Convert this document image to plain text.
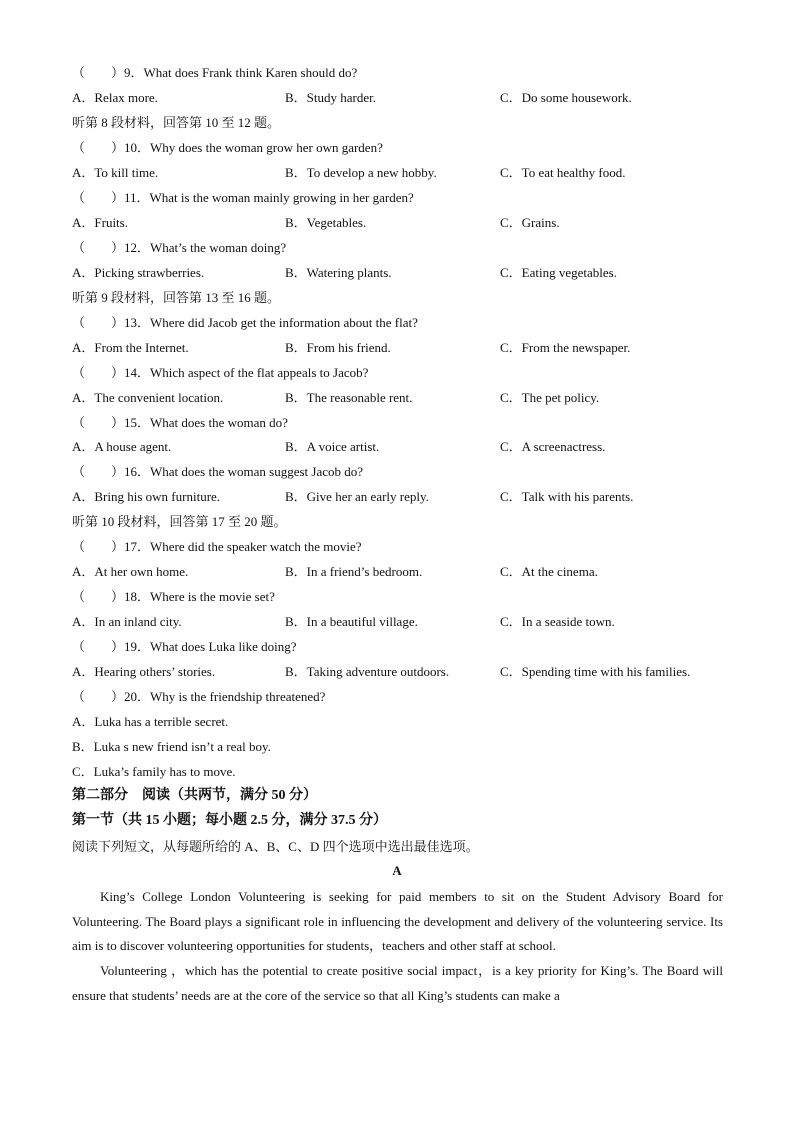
（　　）9．What does Frank think Karen should do?
A．Relax more.	B．Study harder.	C．Do some housework.
听第 8 段材料，回答第 10 至 12 题。
（　　）10．Why does the woman grow her own garden?
A．To kill time.	B．To develop a new hobby.	C．To eat healthy food.
（　　）11．What is the woman mainly growing in her garden?
A．Fruits.	B．Vegetables.	C．Grains.
（　　）12．What’s the woman doing?
A．Picking strawberries.	B．Watering plants.	C．Eating vegetables.
听第 9 段材料，回答第 13 至 16 题。
（　　）13．Where did Jacob get the information about the flat?
A．From the Internet.	B．From his friend.	C．From the newspaper.
（　　）14．Which aspect of the flat appeals to Jacob?
A．The convenient location.	B．The reasonable rent.	C．The pet policy.
（　　）15．What does the woman do?
A．A house agent.	B．A voice artist.	C．A screenactress.
（　　）16．What does the woman suggest Jacob do?
A．Bring his own furniture.	B．Give her an early reply.	C．Talk with his parents.
听第 10 段材料，回答第 17 至 20 题。
（　　）17．Where did the speaker watch the movie?
A．At her own home.	B．In a friend’s bedroom.	C．At the cinema.
（　　）18．Where is the movie set?
A．In an inland city.	B．In a beautiful village.	C．In a seaside town.
（　　）19．What does Luka like doing?
A．Hearing others’ stories.	B．Taking adventure outdoors.	C．Spending time with his families.
（　　）20．Why is the friendship threatened?
A．Luka has a terrible secret.
B．Luka s new friend isn’t a real boy.
C．Luka’s family has to move.
第二部分　阅读（共两节，满分 50 分）
第一节（共 15 小题；每小题 2.5 分，满分 37.5 分）
阅读下列短文，从每题所给的 A、B、C、D 四个选项中选出最佳选项。
A
King’s College London Volunteering is seeking for paid members to sit on the Student Advisory Board for Volunteering. The Board plays a significant role in influencing the development and delivery of the volunteering service. Its aim is to discover volunteering opportunities for students，teachers and other staff at school.
Volunteering ，which has the potential to create positive social impact，is a key priority for King’s. The Board will ensure that students’ needs are at the core of the service so that all King’s students can make a
